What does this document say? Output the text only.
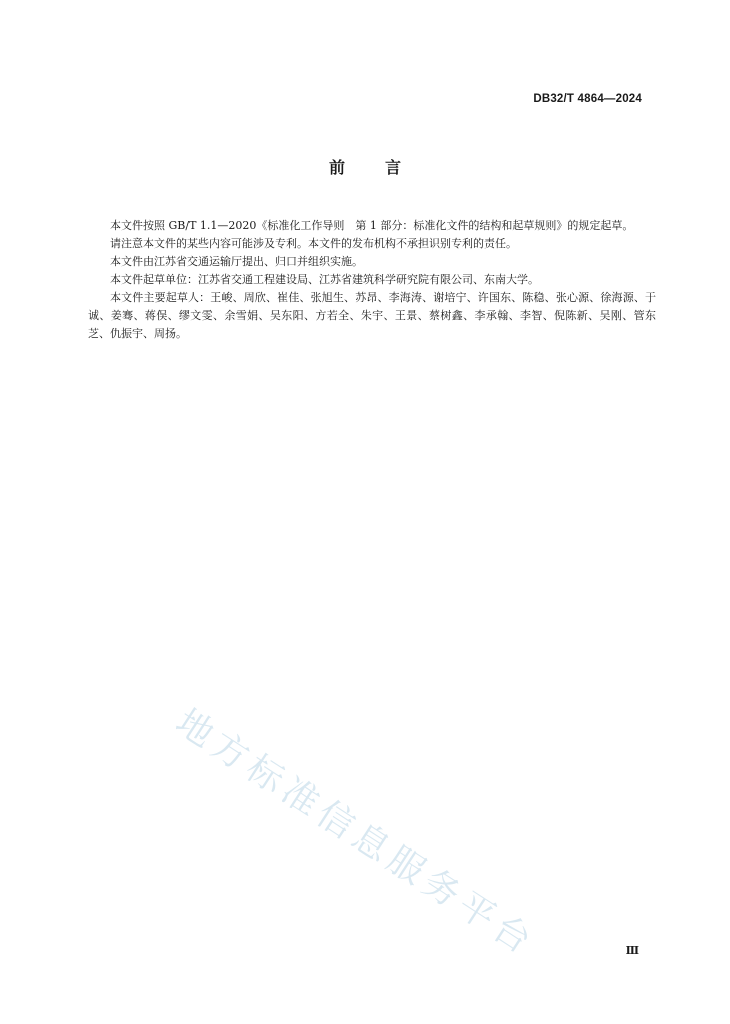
DB32/T 4864—2024
前言

本文件按照 GB/T 1.1—2020《标准化工作导则　第 1 部分：标准化文件的结构和起草规则》的规定起草。

请注意本文件的某些内容可能涉及专利。本文件的发布机构不承担识别专利的责任。

本文件由江苏省交通运输厅提出、归口并组织实施。

本文件起草单位：江苏省交通工程建设局、江苏省建筑科学研究院有限公司、东南大学。

本文件主要起草人：王峻、周欣、崔佳、张旭生、苏昂、李海涛、谢培宁、许国东、陈稳、张心源、徐海源、于诚、姜骞、蒋俣、缪文雯、余雪娟、吴东阳、方若全、朱宇、王景、蔡树鑫、李承翰、李智、倪陈新、吴刚、管东芝、仇振宇、周扬。

地方标准信息服务平台	Ⅲ
